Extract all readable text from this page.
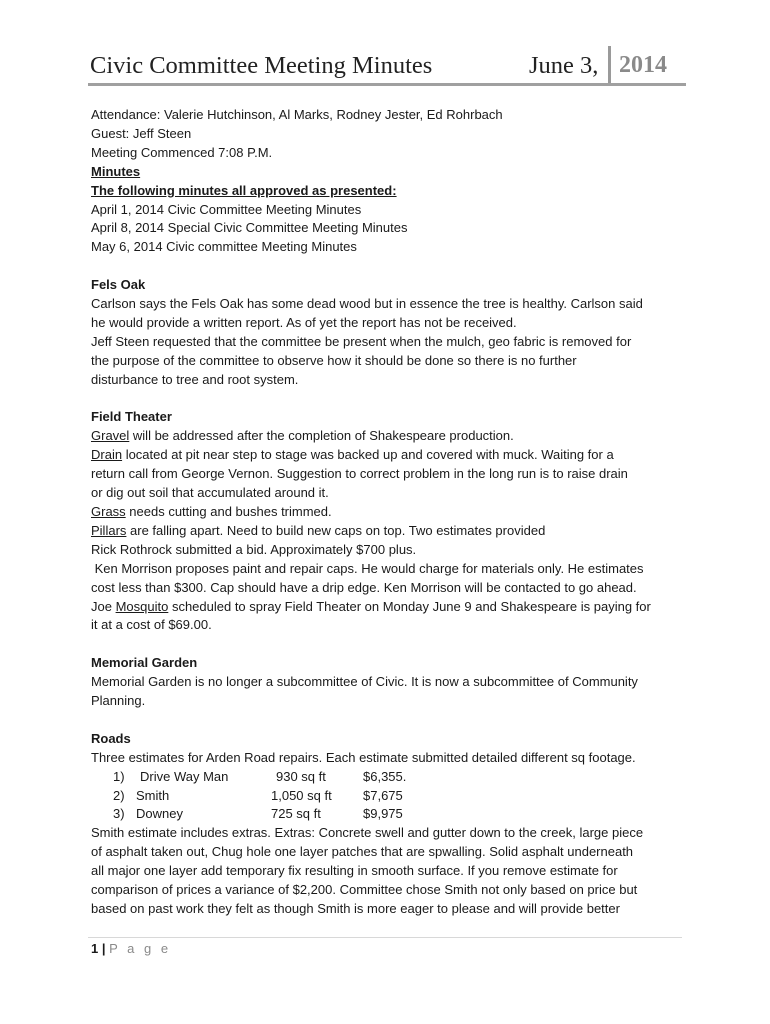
Civic Committee Meeting Minutes	June 3, 2014

Attendance: Valerie Hutchinson, Al Marks, Rodney Jester, Ed Rohrbach

Guest: Jeff Steen

Meeting Commenced 7:08 P.M.

Minutes

The following minutes all approved as presented:

April 1, 2014 Civic Committee Meeting Minutes

April 8, 2014 Special Civic Committee Meeting Minutes

May 6, 2014 Civic committee Meeting Minutes

Fels Oak

Carlson says the Fels Oak has some dead wood but in essence the tree is healthy. Carlson said

he would provide a written report. As of yet the report has not be received.

Jeff Steen requested that the committee be present when the mulch, geo fabric is removed for

the purpose of the committee to observe how it should be done so there is no further

disturbance to tree and root system.

Field Theater

Gravel will be addressed after the completion of Shakespeare production.

Drain located at pit near step to stage was backed up and covered with muck. Waiting for a

return call from George Vernon. Suggestion to correct problem in the long run is to raise drain

or dig out soil that accumulated around it.

Grass needs cutting and bushes trimmed.

Pillars are falling apart. Need to build new caps on top. Two estimates provided

Rick Rothrock submitted a bid. Approximately $700 plus.

Ken Morrison proposes paint and repair caps. He would charge for materials only. He estimates

cost less than $300. Cap should have a drip edge. Ken Morrison will be contacted to go ahead.

Joe Mosquito scheduled to spray Field Theater on Monday June 9 and Shakespeare is paying for

it at a cost of $69.00.

Memorial Garden

Memorial Garden is no longer a subcommittee of Civic. It is now a subcommittee of Community

Planning.

Roads

Three estimates for Arden Road repairs. Each estimate submitted detailed different sq footage.

1) Drive Way Man	930 sq ft	$6,355.
2) Smith	1,050 sq ft $7,675
3) Downey	725 sq ft	$9,975

Smith estimate includes extras. Extras: Concrete swell and gutter down to the creek, large piece

of asphalt taken out, Chug hole one layer patches that are spwalling. Solid asphalt underneath

all major one layer add temporary fix resulting in smooth surface. If you remove estimate for

comparison of prices a variance of $2,200. Committee chose Smith not only based on price but

based on past work they felt as though Smith is more eager to please and will provide better

1 | P a g e
